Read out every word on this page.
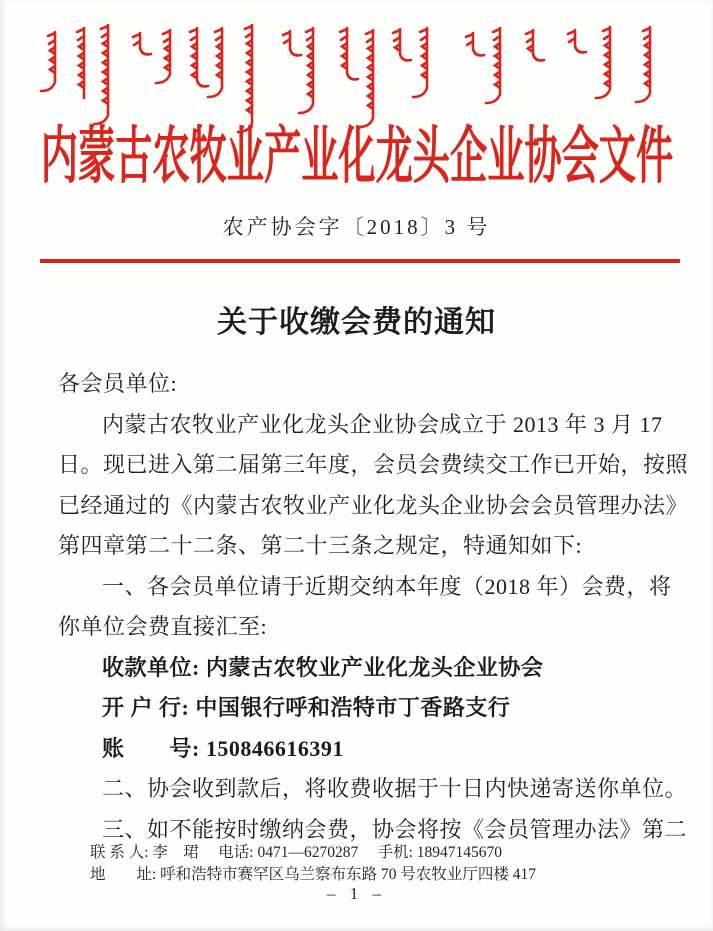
内蒙古农牧业产业化龙头企业协会文件
农产协会字〔2018〕3 号
关于收缴会费的通知
各会员单位:
内蒙古农牧业产业化龙头企业协会成立于 2013 年 3 月 17
日。现已进入第二届第三年度，会员会费续交工作已开始，按照
已经通过的《内蒙古农牧业产业化龙头企业协会会员管理办法》
第四章第二十二条、第二十三条之规定，特通知如下:
一、各会员单位请于近期交纳本年度（2018 年）会费，将
你单位会费直接汇至:
收款单位: 内蒙古农牧业产业化龙头企业协会
开 户 行: 中国银行呼和浩特市丁香路支行
账　　号: 150846616391
二、协会收到款后，将收费收据于十日内快递寄送你单位。
三、如不能按时缴纳会费，协会将按《会员管理办法》第二
联 系 人: 李　珺　 电话: 0471—6270287 　手机: 18947145670
地　　址: 呼和浩特市赛罕区乌兰察布东路 70 号农牧业厅四楼 417
– 1 –
